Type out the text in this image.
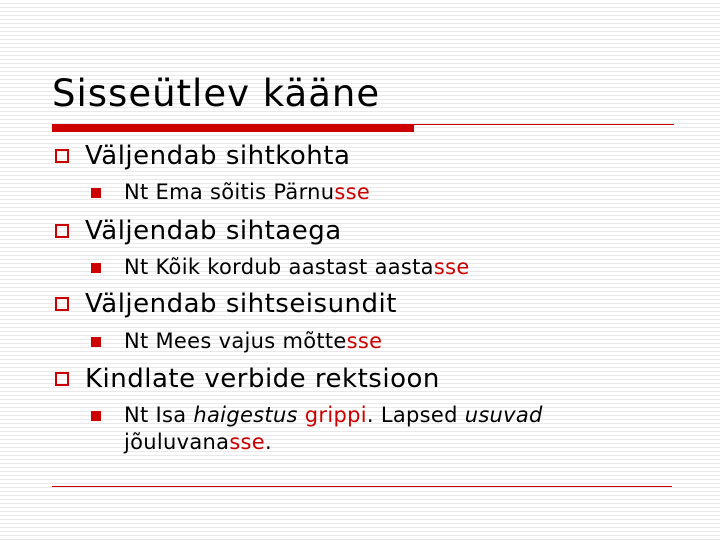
Sisseütlev kääne
Väljendab sihtkohta
Nt Ema sõitis Pärnusse
Väljendab sihtaega
Nt Kõik kordub aastast aastasse
Väljendab sihtseisundit
Nt Mees vajus mõttesse
Kindlate verbide rektsioon
Nt Isa haigestus grippi. Lapsed usuvad
jõuluvanasse.
